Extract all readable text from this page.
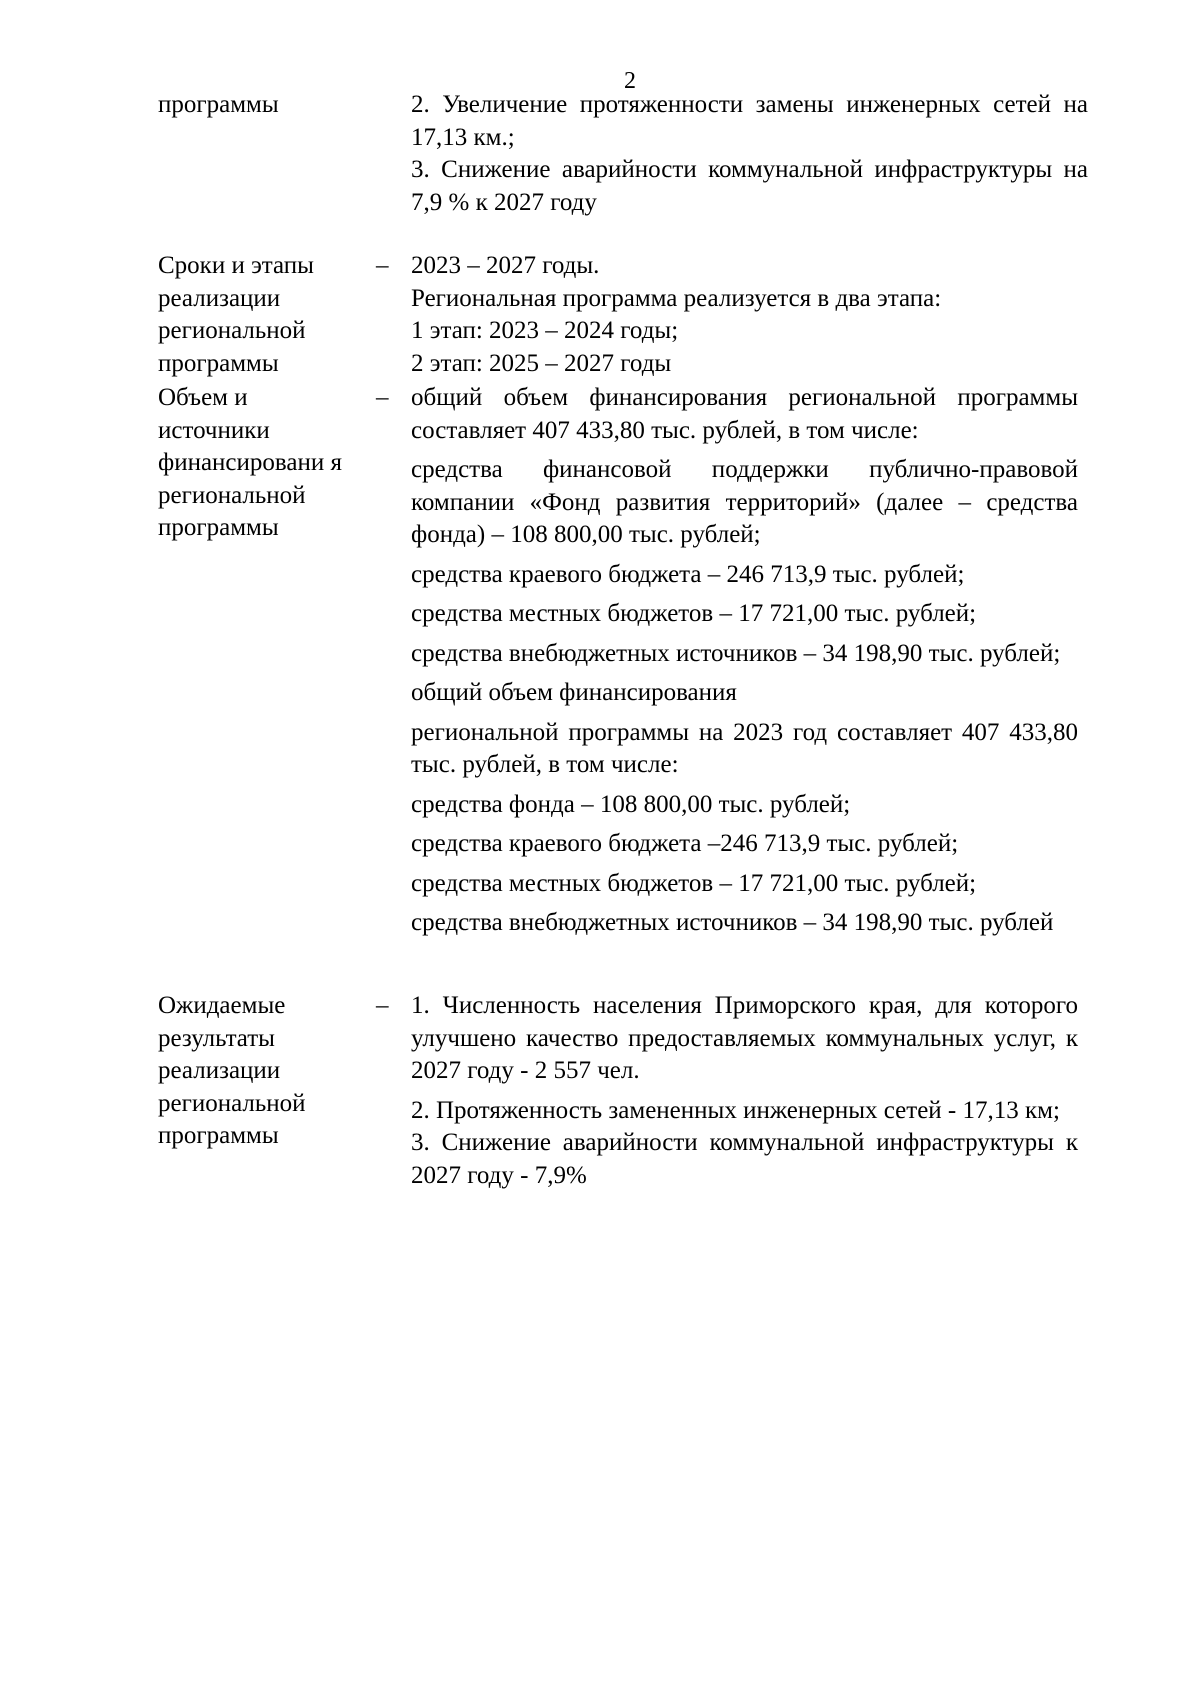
2
программы	2. Увеличение протяженности замены инженерных сетей на 17,13 км.;

3. Снижение аварийности коммунальной инфраструктуры на 7,9 % к 2027 году

Сроки и этапы реализации региональной программы
– 2023 – 2027 годы.

Региональная программа реализуется в два этапа:

1 этап: 2023 – 2024 годы;

2 этап: 2025 – 2027 годы

Объем и источники финансировани я региональной программы
– общий объем финансирования региональной программы составляет 407 433,80 тыс. рублей, в том числе:

средства финансовой поддержки публично-правовой компании «Фонд развития территорий» (далее – средства фонда) – 108 800,00 тыс. рублей;

средства краевого бюджета – 246 713,9 тыс. рублей;

средства местных бюджетов – 17 721,00 тыс. рублей;

средства внебюджетных источников – 34 198,90 тыс. рублей;

общий объем финансирования

региональной программы на 2023 год составляет 407 433,80 тыс. рублей, в том числе:

средства фонда – 108 800,00 тыс. рублей;

средства краевого бюджета –246 713,9 тыс. рублей;

средства местных бюджетов – 17 721,00 тыс. рублей;

средства внебюджетных источников – 34 198,90 тыс. рублей

Ожидаемые результаты реализации региональной программы
– 1. Численность населения Приморского края, для которого улучшено качество предоставляемых коммунальных услуг, к 2027 году - 2 557 чел.

2. Протяженность замененных инженерных сетей - 17,13 км;

3. Снижение аварийности коммунальной инфраструктуры к 2027 году - 7,9%
